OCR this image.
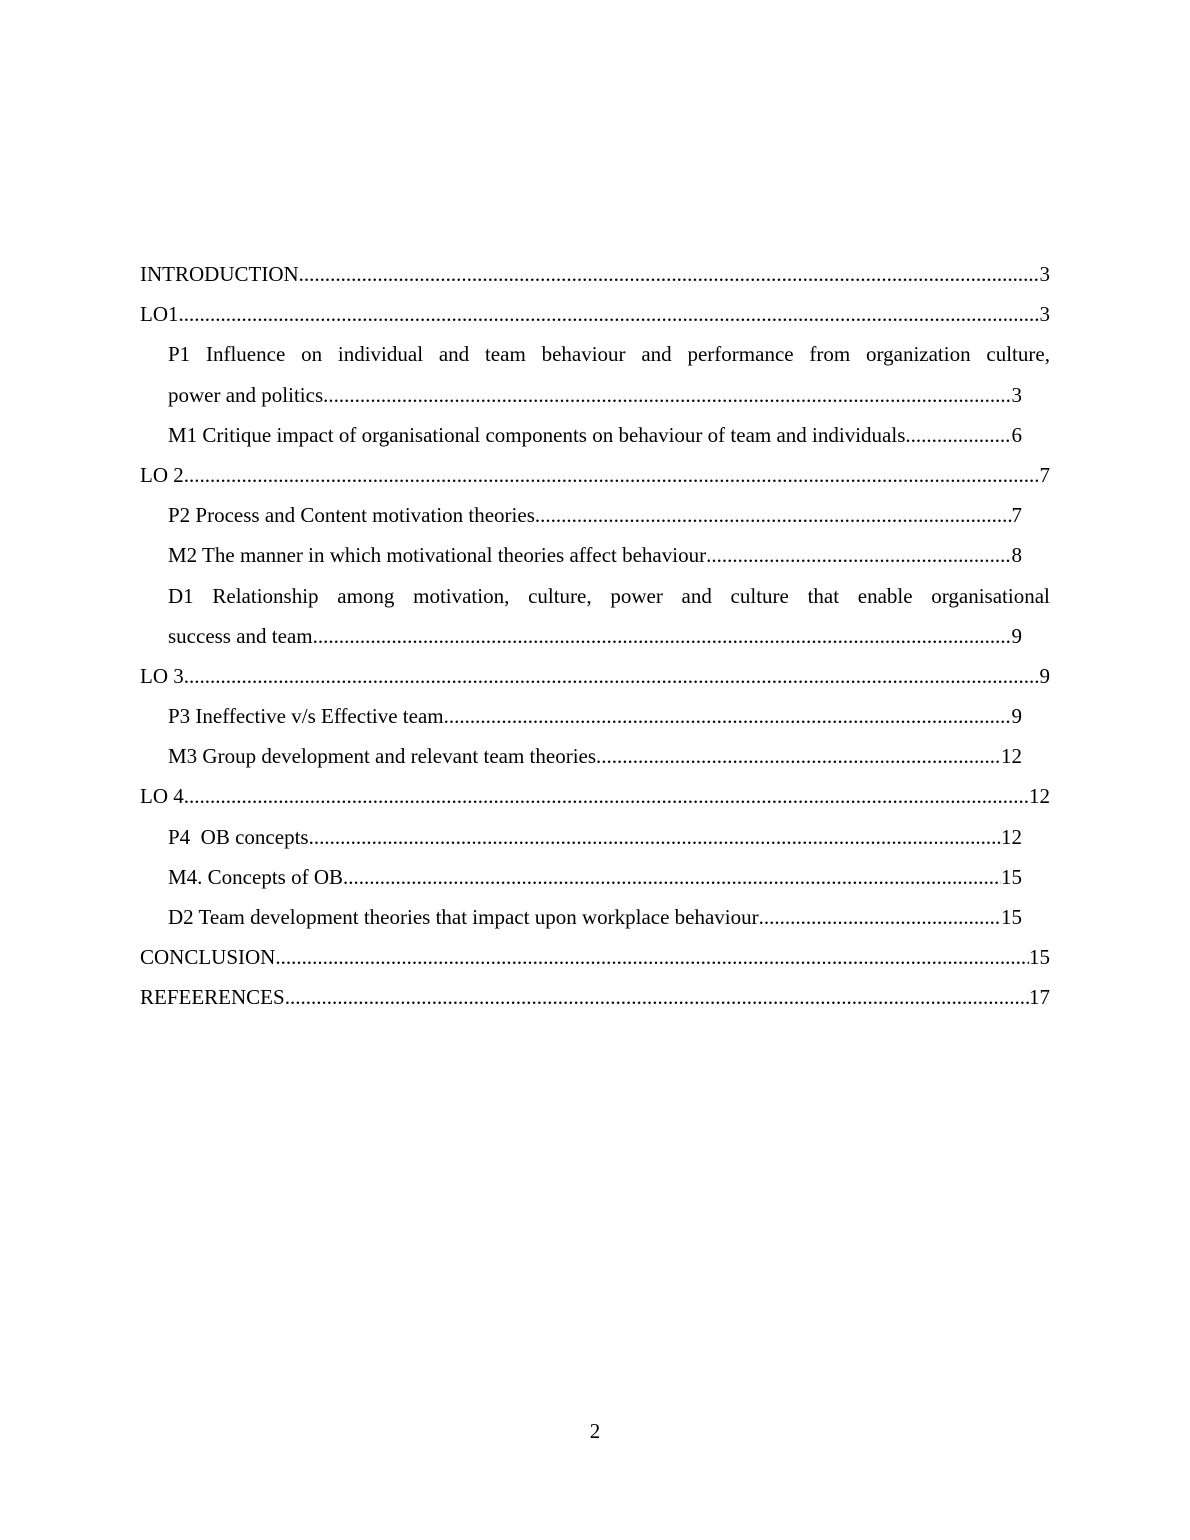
INTRODUCTION .....	3
LO1 .....	3
P1 Influence on individual and team behaviour and performance from organization culture,
power and politics .....	3
M1 Critique impact of organisational components on behaviour of team and individuals .....	6
LO 2 .....	7
P2 Process and Content motivation theories .....	7
M2 The manner in which motivational theories affect behaviour .....	8
D1 Relationship among motivation, culture, power and culture that enable organisational
success and team .....	9
LO 3 .....	9
P3 Ineffective v/s Effective team .....	9
M3 Group development and relevant team theories .....	12
LO 4 .....	12
P4  OB concepts .....	12
M4. Concepts of OB .....	15
D2 Team development theories that impact upon workplace behaviour .....	15
CONCLUSION .....	15
REFEERENCES .....	17
2
